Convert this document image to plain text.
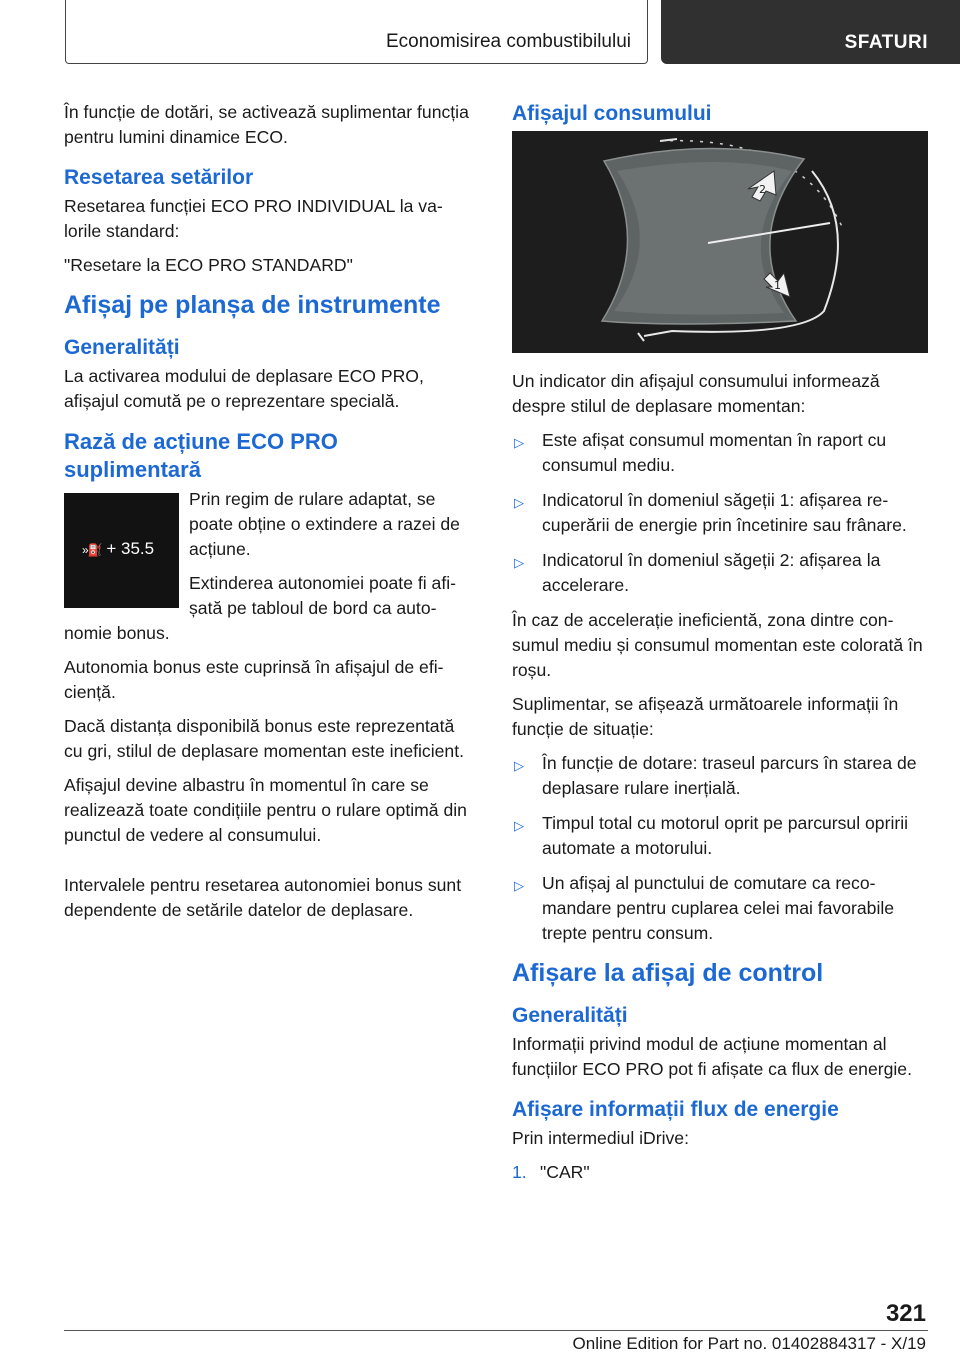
Economisirea combustibilului	SFATURI

În funcție de dotări, se activează suplimentar funcția pentru lumini dinamice ECO.

Resetarea setărilor

Resetarea funcției ECO PRO INDIVIDUAL la valorile standard:

"Resetare la ECO PRO STANDARD"

Afișaj pe planșa de instrumente
Generalități

La activarea modului de deplasare ECO PRO, afișajul comută pe o reprezentare specială.

Rază de acțiune ECO PRO suplimentară
»⛽ + 35.5

Prin regim de rulare adaptat, se poate obține o extindere a razei de acțiune.

Extinderea autonomiei poate fi afișată pe tabloul de bord ca autonomie bonus.

Autonomia bonus este cuprinsă în afișajul de eficiență.

Dacă distanța disponibilă bonus este reprezentată cu gri, stilul de deplasare momentan este ineficient.

Afișajul devine albastru în momentul în care se realizează toate condițiile pentru o rulare optimă din punctul de vedere al consumului.

Intervalele pentru resetarea autonomiei bonus sunt dependente de setările datelor de deplasare.

Afișajul consumului
2
1

Un indicator din afișajul consumului informează despre stilul de deplasare momentan:

▷ Este afișat consumul momentan în raport cu consumul mediu.
▷ Indicatorul în domeniul săgeții 1: afișarea recuperării de energie prin încetinire sau frânare.
▷ Indicatorul în domeniul săgeții 2: afișarea la accelerare.

În caz de accelerație ineficientă, zona dintre consumul mediu și consumul momentan este colorată în roșu.

Suplimentar, se afișează următoarele informații în funcție de situație:

▷ În funcție de dotare: traseul parcurs în starea de deplasare rulare inerțială.
▷ Timpul total cu motorul oprit pe parcursul opririi automate a motorului.
▷ Un afișaj al punctului de comutare ca recomandare pentru cuplarea celei mai favorabile trepte pentru consum.
Afișare la afișaj de control
Generalități

Informații privind modul de acțiune momentan al funcțiilor ECO PRO pot fi afișate ca flux de energie.

Afișare informații flux de energie

Prin intermediul iDrive:

1. "CAR"
321
Online Edition for Part no. 01402884317 - X/19
